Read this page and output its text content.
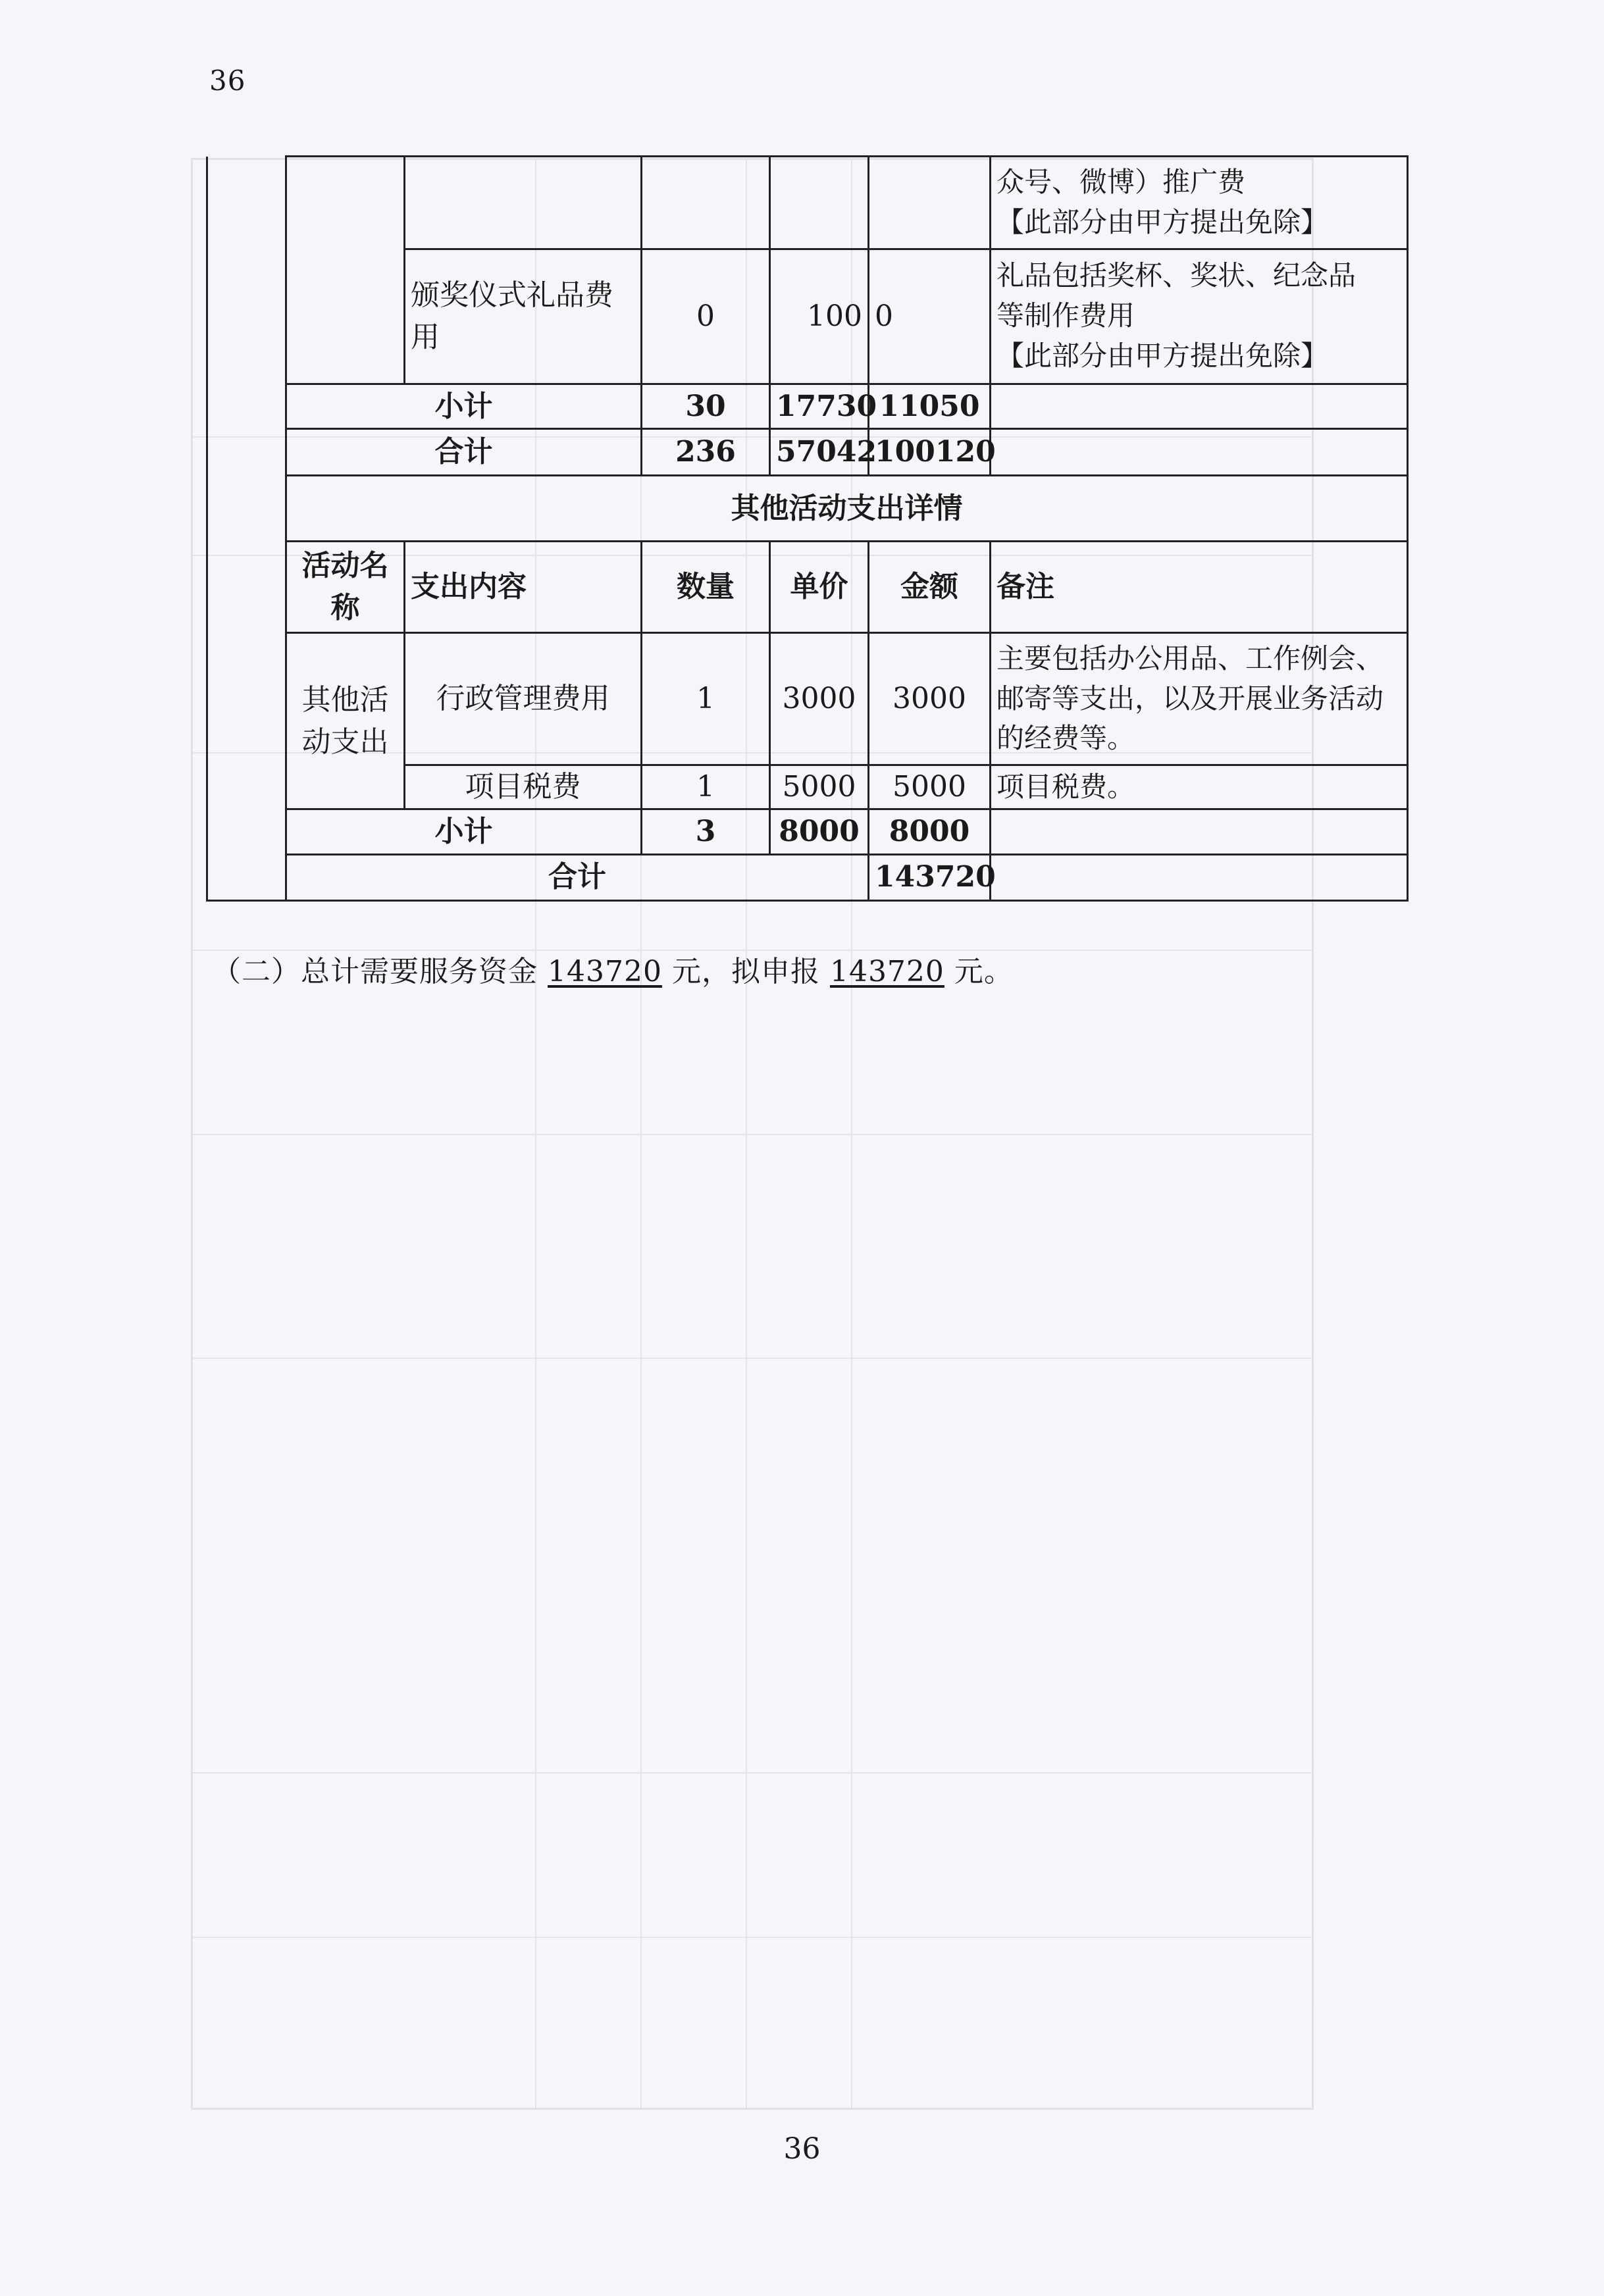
36

						众号、微博）推广费
【此部分由甲方提出免除】

		颁奖仪式礼品费用	0	100	0	礼品包括奖杯、奖状、纪念品
等制作费用
【此部分由甲方提出免除】

	小计		30	17730	11050	
	合计		236	57042	100120	
	其他活动支出详情					
	活动名称	支出内容	数量	单价	金额	备注
	其他活动支出	行政管理费用	1	3000	3000	主要包括办公用品、工作例会、邮寄等支出，以及开展业务活动的经费等。
		项目税费	1	5000	5000	项目税费。
	小计		3	8000	8000	
	合计				143720	
（二）总计需要服务资金 143720 元，拟申报 143720 元。
36
